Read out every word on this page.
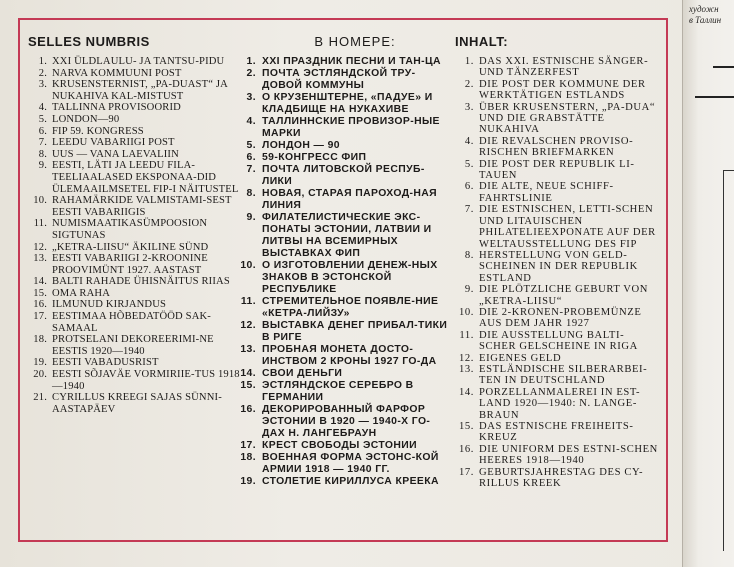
SELLES NUMBRIS
1. XXI ÜLDLAULU- JA TANTSU-PIDU
2. NARVA KOMMUUNI POST
3. KRUSENSTERNIST, „PA-DUAST“ JA NUKAHIVA KAL-MISTUST
4. TALLINNA PROVISOORID
5. LONDON—90
6. FIP 59. KONGRESS
7. LEEDU VABARIIGI POST
8. UUS — VANA LAEVALIIN
9. EESTI, LÄTI JA LEEDU FILA-TEELIAALASED EKSPONAA-DID ÜLEMAAILMSETEL FIP-I NÄITUSTEL
10. RAHAMÄRKIDE VALMISTAMI-SEST EESTI VABARIIGIS
11. NUMISMAATIKASÜMPOOSION SIGTUNAS
12. „KETRA-LIISU“ ÄKILINE SÜND
13. EESTI VABARIIGI 2-KROONINE PROOVIMÜNT 1927. AASTAST
14. BALTI RAHADE ÜHISNÄITUS RIIAS
15. OMA RAHA
16. ILMUNUD KIRJANDUS
17. EESTIMAA HÕBEDATÖÖD SAK-SAMAAL
18. PROTSELANI DEKOREERIMI-NE EESTIS 1920—1940
19. EESTI VABADUSRIST
20. EESTI SÕJAVÄE VORMIRIIE-TUS 1918—1940
21. CYRILLUS KREEGI SAJAS SÜNNI-AASTAPÄEV
В НОМЕРЕ:
1. XXI ПРАЗДНИК ПЕСНИ И ТАН-ЦА
2. ПОЧТА ЭСТЛЯНДСКОЙ ТРУ-ДОВОЙ КОММУНЫ
3. О КРУЗЕНШТЕРНЕ, «ПАДУЕ» И КЛАДБИЩЕ НА НУКАХИВЕ
4. ТАЛЛИННСКИЕ ПРОВИЗОР-НЫЕ МАРКИ
5. ЛОНДОН — 90
6. 59-КОНГРЕСС ФИП
7. ПОЧТА ЛИТОВСКОЙ РЕСПУБ-ЛИКИ
8. НОВАЯ, СТАРАЯ ПАРОХОД-НАЯ ЛИНИЯ
9. ФИЛАТЕЛИСТИЧЕСКИЕ ЭКС-ПОНАТЫ ЭСТОНИИ, ЛАТВИИ И ЛИТВЫ НА ВСЕМИРНЫХ ВЫСТАВКАХ ФИП
10. О ИЗГОТОВЛЕНИИ ДЕНЕЖ-НЫХ ЗНАКОВ В ЭСТОНСКОЙ РЕСПУБЛИКЕ
11. СТРЕМИТЕЛЬНОЕ ПОЯВЛЕ-НИЕ «КЕТРА-ЛИЙЗУ»
12. ВЫСТАВКА ДЕНЕГ ПРИБАЛ-ТИКИ В РИГЕ
13. ПРОБНАЯ МОНЕТА ДОСТО-ИНСТВОМ 2 КРОНЫ 1927 ГО-ДА
14. СВОИ ДЕНЬГИ
15. ЭСТЛЯНДСКОЕ СЕРЕБРО В ГЕРМАНИИ
16. ДЕКОРИРОВАННЫЙ ФАРФОР ЭСТОНИИ В 1920 — 1940-Х ГО-ДАХ Н. ЛАНГЕБРАУН
17. КРЕСТ СВОБОДЫ ЭСТОНИИ
18. ВОЕННАЯ ФОРМА ЭСТОНС-КОЙ АРМИИ 1918 — 1940 ГГ.
19. СТОЛЕТИЕ КИРИЛЛУСА КРЕЕКА
INHALT:
1. DAS XXI. ESTNISCHE SÄNGER-UND TÄNZERFEST
2. DIE POST DER KOMMUNE DER WERKTÄTIGEN ESTLANDS
3. ÜBER KRUSENSTERN, „PA-DUA“ UND DIE GRABSTÄTTE NUKAHIVA
4. DIE REVALSCHEN PROVISO-RISCHEN BRIEFMARKEN
5. DIE POST DER REPUBLIK LI-TAUEN
6. DIE ALTE, NEUE SCHIFF-FAHRTSLINIE
7. DIE ESTNISCHEN, LETTI-SCHEN UND LITAUISCHEN PHILATELIEEXPONATE AUF DER WELTAUSSTELLUNG DES FIP
8. HERSTELLUNG VON GELD-SCHEINEN IN DER REPUBLIK ESTLAND
9. DIE PLÖTZLICHE GEBURT VON „KETRA-LIISU“
10. DIE 2-KRONEN-PROBEMÜNZE AUS DEM JAHR 1927
11. DIE AUSSTELLUNG BALTI-SCHER GELSCHEINE IN RIGA
12. EIGENES GELD
13. ESTLÄNDISCHE SILBERARBEI-TEN IN DEUTSCHLAND
14. PORZELLANMALEREI IN EST-LAND 1920—1940: N. LANGE-BRAUN
15. DAS ESTNISCHE FREIHEITS-KREUZ
16. DIE UNIFORM DES ESTNI-SCHEN HEERES 1918—1940
17. GEBURTSJAHRESTAG DES CY-RILLUS KREEK
художн
в Таллин
